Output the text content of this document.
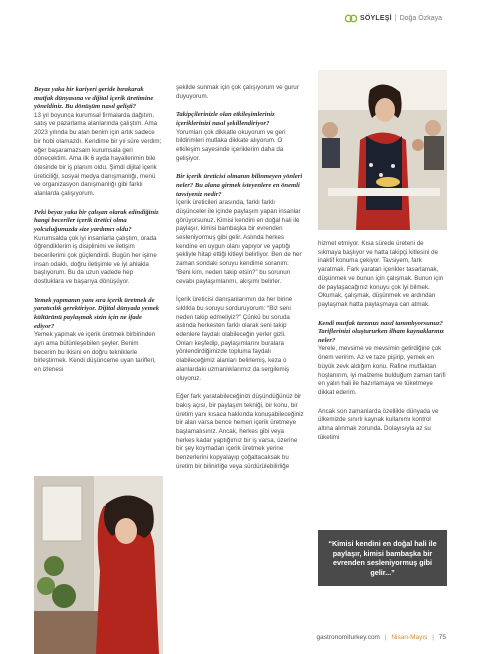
SÖYLEŞİ | Doğa Özkaya

Beyaz yaka bir kariyeri geride bırakarak mutfak dünyasına ve dijital içerik üretimine yöneldiniz. Bu dönüşüm nasıl gelişti?

13 yıl boyunca kurumsal firmalarda dağıtım, satış ve pazarlama alanlarında çalıştım. Ama 2023 yılında bu alan benim için artık sadece bir hobi olamazdı. Kendime bir yıl süre verdim; eğer başaramazsam kurumsala geri dönecektim. Ama ilk 6 ayda hayallerimin bile ötesinde bir iş planım oldu. Şimdi dijital içerik üreticiliği, sosyal medya danışmanlığı, menü ve organizasyon danışmanlığı gibi farklı alanlarda çalışıyorum.

Peki beyaz yaka bir çalışan olarak edindiğiniz hangi beceriler içerik üretici olma yolculuğunuzda size yardımcı oldu?

Kurumsalda çok iyi insanlarla çalıştım, orada öğrendiklerim iş disiplinimi ve iletişim becerilerimi çok güçlendirdi. Bugün her işime insan odaklı, doğru iletişimle ve iyi ahlakla başlıyorum. Bu da uzun vadede hep dostluklara ve başarıya dönüşüyor.

Yemek yapmanın yanı sıra içerik üretmek de yaratıcılık gerektiriyor. Dijital dünyada yemek kültürünü paylaşmak sizin için ne ifade ediyor?

Yemek yapmak ve içerik üretmek birbirinden ayrı ama bütünleşebilen şeyler. Benim becerim bu ikisini en doğru tekniklerle birleştirmek. Kendi düşünceme uyan tarifleri, en izlenesi

şekilde sunmak için çok çalışıyorum ve gurur duyuyorum.

Takipçilerinizle olan etkileşimleriniz içeriklerinizi nasıl şekillendiriyor?

Yorumları çok dikkatle okuyorum ve geri bildirimleri mutlaka dikkate alıyorum. O etkileşim sayesinde içeriklerim daha da gelişiyor.

Bir içerik üreticisi olmanın bilinmeyen yönleri neler? Bu alana girmek isteyenlere en önemli tavsiyeniz nedir?

İçerik üreticileri arasında, farklı farklı düşünceler ile içinde paylaşım yapan insanlar görüyorsunuz. Kimisi kendini en doğal hali ile paylaşır, kimisi bambaşka bir evrenden sesleniyormuş gibi gelir. Aslında herkes kendine en uygun olanı yapıyor ve yaptığı şekliyle hitap ettiği kitleyi belirliyor. Ben de her zaman sondaki soruyu kendime soranım: “Beni kim, neden takip etsin?” bu sorunun cevabı paylaşımlarımı, akışımı belirler.

İçerik üreticisi danışanlarımın da her birine sıklıkla bu soruyu sorduruyorum: “Biz seni neden takip edmeliyiz?” Çünkü bu soruda aslında herkesten farklı olarak seni takip edenlere faydalı olabileceğin yerler gizli. Onları keşfedip, paylaşımlarını buralara yönlendirdiğimizde topluma faydalı olabileceğimiz alanları belirlemiş, keza o alanlardaki uzmanlıklarımız da sergilemiş oluyoruz.

Eğer fark yaratabileceğinizi düşündüğünüz bir bakış açısı, bir paylaşım tekniği, bir konu, bir üretim yanı kısaca hakkında konuşabileceğiniz bir alan varsa bence hemen içerik üretmeye başlamalısınız. Ancak, herkes gibi veya herkes kadar yaptığımız bir iş varsa, üzerine bir şey koymadan içerik üretmek yerine benzerlerini kopyalayıp çoğaltacaksak bu üretim bir bilinirliğe veya sürdürülebilirliğe

hizmet etmiyor. Kısa sürede üreteni de sıkmaya başlıyor ve hatta takipçi kitlesini de inaktif konuma çekiyor. Tavsiyem, fark yaratmak. Fark yaratan içerikler tasarlamak, düşünmek ve bunun için çalışmak. Bunun için de paylaşacağınız konuyu çok iyi bilmek. Okumak, çalışmak, düşünmek ve ardından paylaşmak hatta paylaşmaya can atmak.

Kendi mutfak tarzınızı nasıl tanımlıyorsunuz? Tariflerinizi oluştururken ilham kaynaklarınız neler?

Yerele, mevsime ve mevsimin getirdiğine çok önem veririm. Az ve taze pişirip, yemek en büyük zevk aldığım konu. Rafine mutfaktan hoşlanırım, iyi malzeme bulduğum zaman tarifi en yalın hali ile hazırlamaya ve tüketmeye dikkat ederim.

Ancak son zamanlarda özellikle dünyada ve ülkemizde sınırlı kaynak kullanımı kontrol altına alınmak zorunda. Dolayısıyla az su tüketimi

“Kimisi kendini en doğal hali ile paylaşır, kimisi bambaşka bir evrenden sesleniyormuş gibi gelir...”
gastronomiturkey.com | Nisan-Mayıs | 75
